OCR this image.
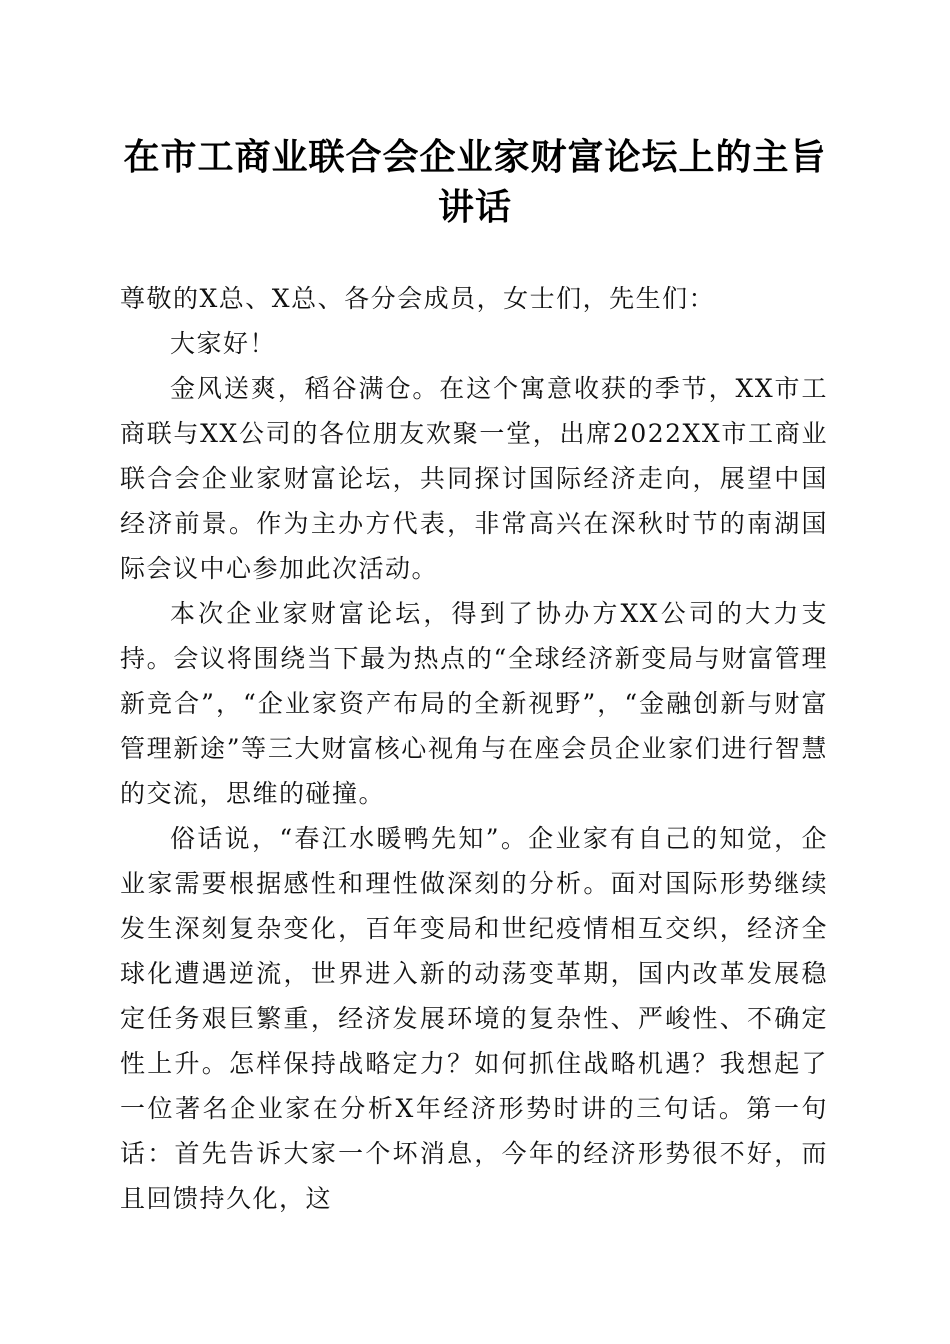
在市工商业联合会企业家财富论坛上的主旨讲话

尊敬的X总、X总、各分会成员，女士们，先生们：

大家好！

金风送爽，稻谷满仓。在这个寓意收获的季节，XX市工商联与XX公司的各位朋友欢聚一堂，出席2022XX市工商业联合会企业家财富论坛，共同探讨国际经济走向，展望中国经济前景。作为主办方代表，非常高兴在深秋时节的南湖国际会议中心参加此次活动。

本次企业家财富论坛，得到了协办方XX公司的大力支持。会议将围绕当下最为热点的“全球经济新变局与财富管理新竞合”，“企业家资产布局的全新视野”，“金融创新与财富管理新途”等三大财富核心视角与在座会员企业家们进行智慧的交流，思维的碰撞。

俗话说，“春江水暖鸭先知”。企业家有自己的知觉，企业家需要根据感性和理性做深刻的分析。面对国际形势继续发生深刻复杂变化，百年变局和世纪疫情相互交织，经济全球化遭遇逆流，世界进入新的动荡变革期，国内改革发展稳定任务艰巨繁重，经济发展环境的复杂性、严峻性、不确定性上升。怎样保持战略定力？如何抓住战略机遇？我想起了一位著名企业家在分析X年经济形势时讲的三句话。第一句话：首先告诉大家一个坏消息，今年的经济形势很不好，而且回馈持久化，这
